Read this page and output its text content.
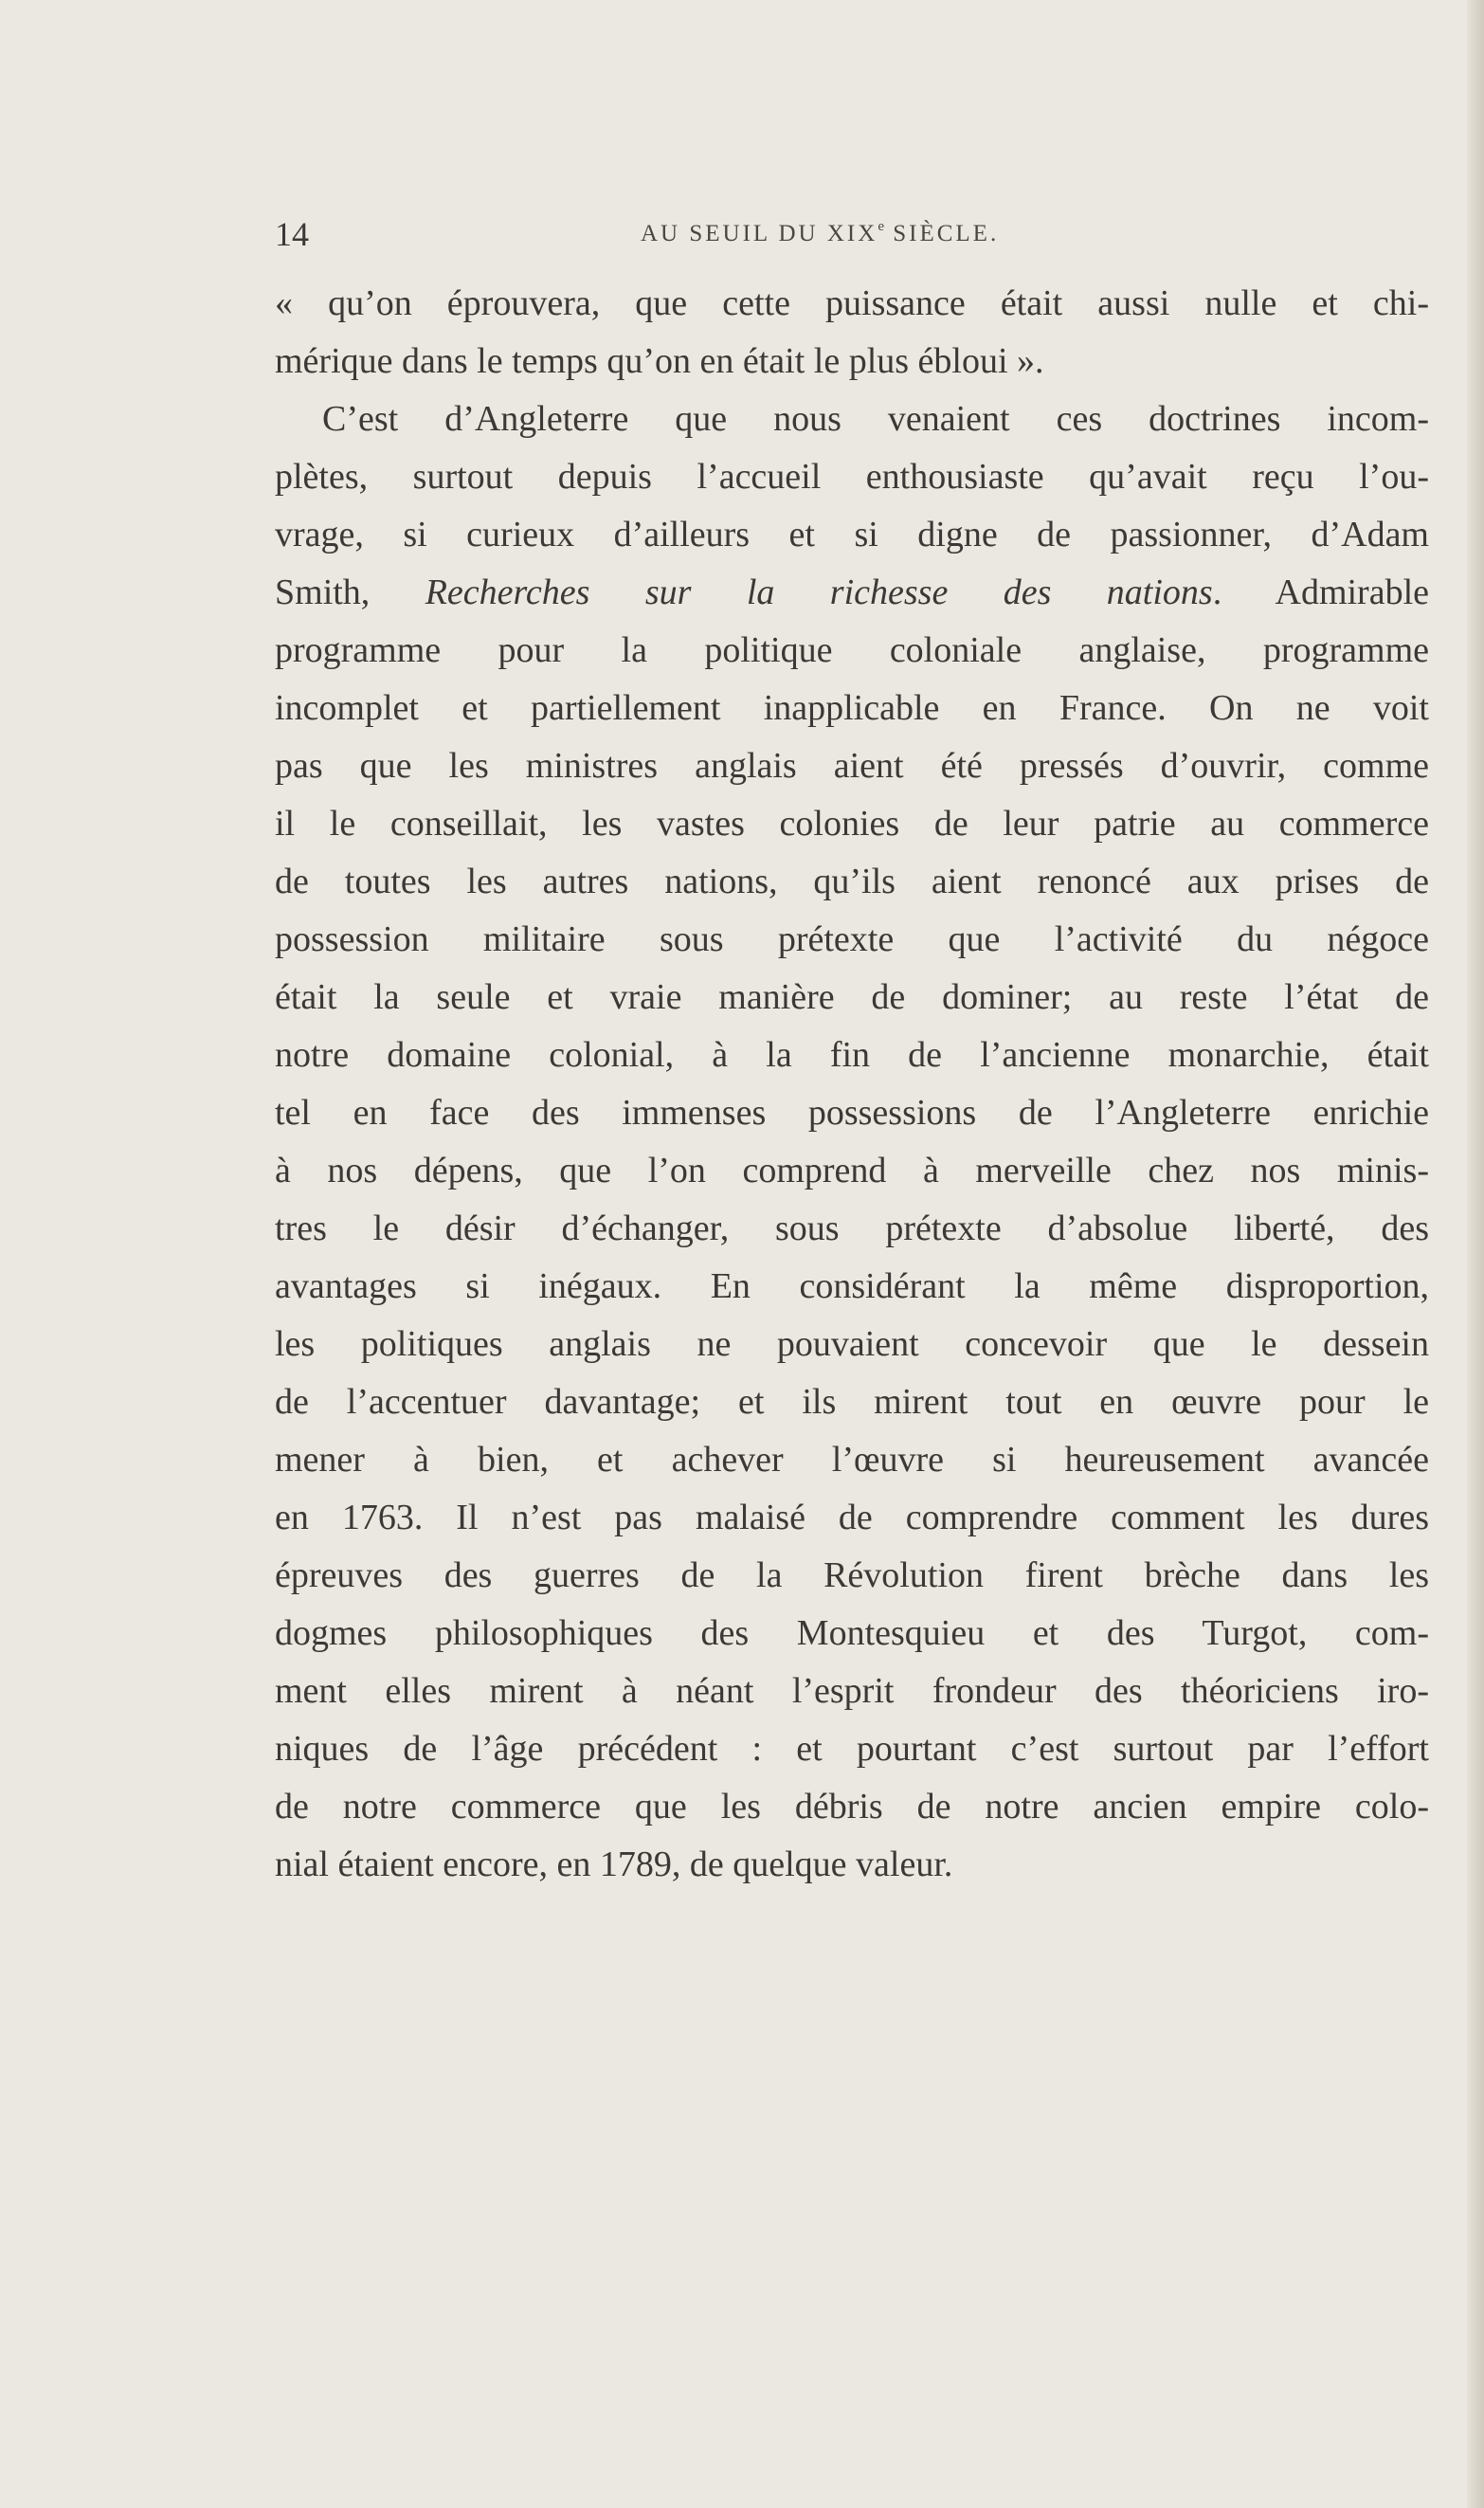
14	AU SEUIL DU XIXe SIÈCLE.
« qu’on éprouvera, que cette puissance était aussi nulle et chi-
mérique dans le temps qu’on en était le plus ébloui ».
C’est d’Angleterre que nous venaient ces doctrines incom-
plètes, surtout depuis l’accueil enthousiaste qu’avait reçu l’ou-
vrage, si curieux d’ailleurs et si digne de passionner, d’Adam
Smith, Recherches sur la richesse des nations. Admirable
programme pour la politique coloniale anglaise, programme
incomplet et partiellement inapplicable en France. On ne voit
pas que les ministres anglais aient été pressés d’ouvrir, comme
il le conseillait, les vastes colonies de leur patrie au commerce
de toutes les autres nations, qu’ils aient renoncé aux prises de
possession militaire sous prétexte que l’activité du négoce
était la seule et vraie manière de dominer; au reste l’état de
notre domaine colonial, à la fin de l’ancienne monarchie, était
tel en face des immenses possessions de l’Angleterre enrichie
à nos dépens, que l’on comprend à merveille chez nos minis-
tres le désir d’échanger, sous prétexte d’absolue liberté, des
avantages si inégaux. En considérant la même disproportion,
les politiques anglais ne pouvaient concevoir que le dessein
de l’accentuer davantage; et ils mirent tout en œuvre pour le
mener à bien, et achever l’œuvre si heureusement avancée
en 1763. Il n’est pas malaisé de comprendre comment les dures
épreuves des guerres de la Révolution firent brèche dans les
dogmes philosophiques des Montesquieu et des Turgot, com-
ment elles mirent à néant l’esprit frondeur des théoriciens iro-
niques de l’âge précédent : et pourtant c’est surtout par l’effort
de notre commerce que les débris de notre ancien empire colo-
nial étaient encore, en 1789, de quelque valeur.
